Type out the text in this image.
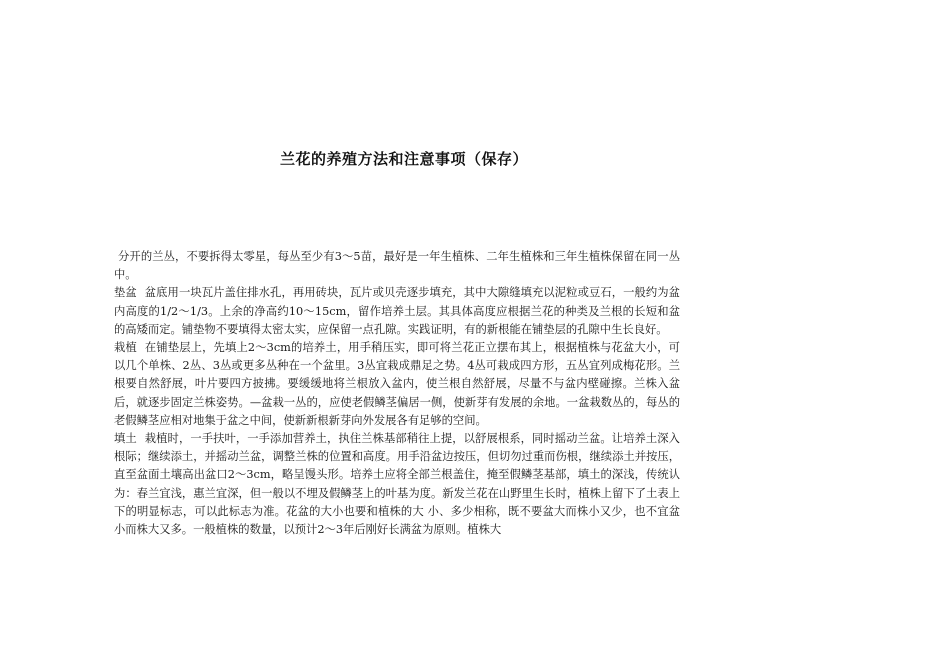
兰花的养殖方法和注意事项（保存）

分开的兰丛，不要拆得太零星，每丛至少有3～5苗，最好是一年生植株、二年生植株和三年生植株保留在同一丛中。

垫盆 盆底用一块瓦片盖住排水孔，再用砖块，瓦片或贝壳逐步填充，其中大隙缝填充以泥粒或豆石，一般约为盆内高度的1/2～1/3。上余的净高约10～15cm，留作培养土层。其具体高度应根据兰花的种类及兰根的长短和盆的高矮而定。铺垫物不要填得太密太实，应保留一点孔隙。实践证明，有的新根能在铺垫层的孔隙中生长良好。

栽植 在铺垫层上，先填上2～3cm的培养土，用手稍压实，即可将兰花正立摆布其上，根据植株与花盆大小，可以几个单株、2丛、3丛或更多丛种在一个盆里。3丛宜栽成鼎足之势。4丛可栽成四方形，五丛宜列成梅花形。兰根要自然舒展，叶片要四方披拂。要缓缓地将兰根放入盆内，使兰根自然舒展，尽量不与盆内壁碰擦。兰株入盆后，就逐步固定兰株姿势。—盆栽一丛的，应使老假鳞茎偏居一侧，使新芽有发展的余地。一盆栽数丛的，每丛的老假鳞茎应相对地集于盆之中间，使新新根新芽向外发展各有足够的空间。

填土 栽植时，一手扶叶，一手添加营养土，执住兰株基部稍往上提，以舒展根系，同时摇动兰盆。让培养土深入根际；继续添土，并摇动兰盆，调整兰株的位置和高度。用手沿盆边按压，但切勿过重而伤根，继续添土并按压，直至盆面土壤高出盆口2～3cm，略呈馒头形。培养土应将全部兰根盖住，掩至假鳞茎基部，填土的深浅，传统认为：春兰宜浅，惠兰宜深，但一般以不埋及假鳞茎上的叶基为度。新发兰花在山野里生长时，植株上留下了土表上下的明显标志，可以此标志为准。花盆的大小也要和植株的大 小、多少相称，既不要盆大而株小又少，也不宜盆小而株大又多。一般植株的数量，以预计2～3年后刚好长满盆为原则。植株大
